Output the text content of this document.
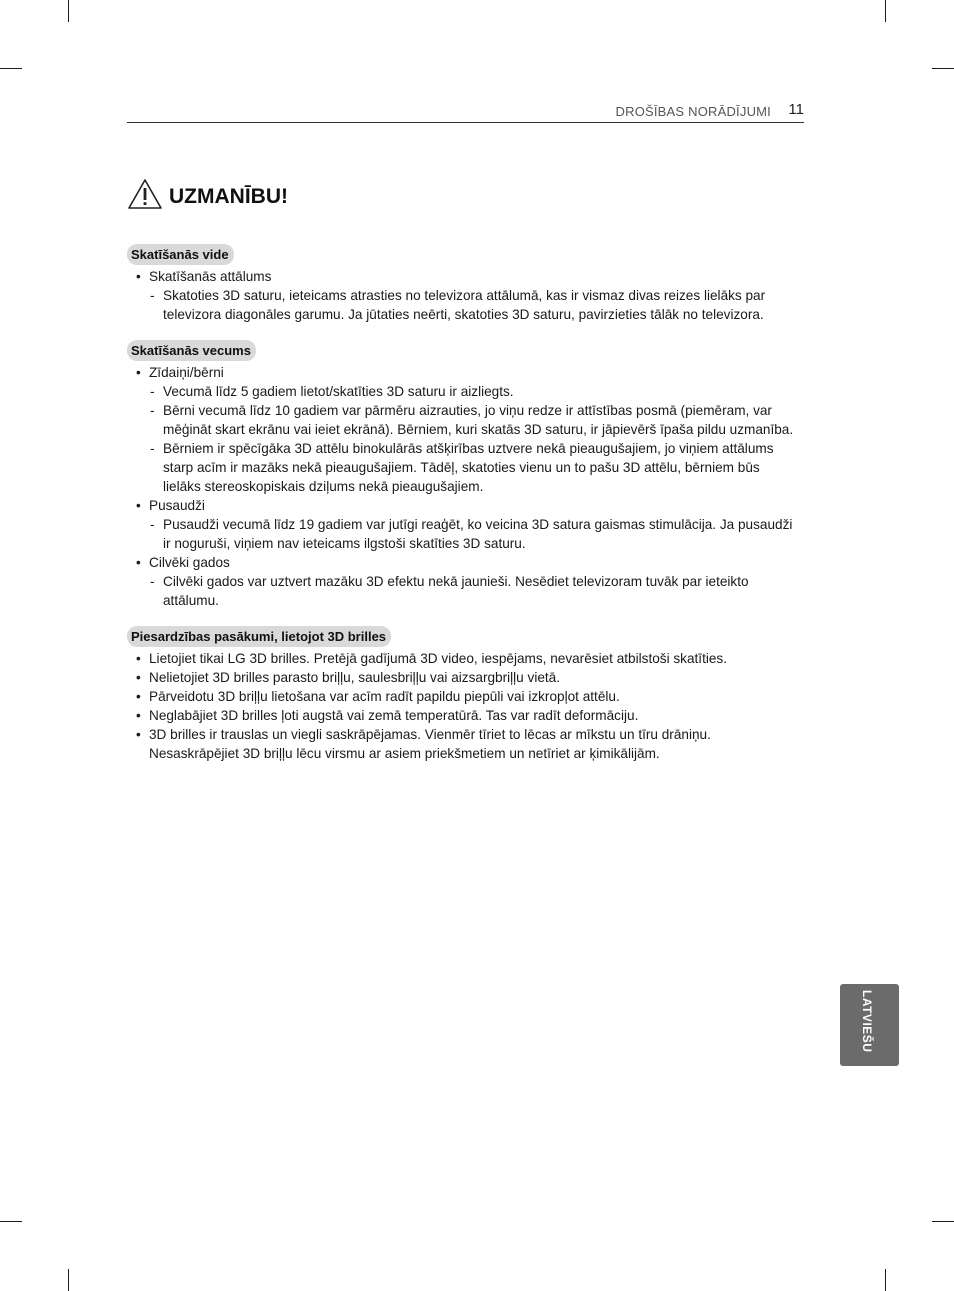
DROŠĪBAS NORĀDĪJUMI 11
UZMANĪBU!
Skatīšanās vide
• Skatīšanās attālums
- Skatoties 3D saturu, ieteicams atrasties no televizora attālumā, kas ir vismaz divas reizes lielāks par televizora diagonāles garumu. Ja jūtaties neērti, skatoties 3D saturu, pavirzieties tālāk no televizora.
Skatīšanās vecums
• Zīdaiņi/bērni
- Vecumā līdz 5 gadiem lietot/skatīties 3D saturu ir aizliegts.
- Bērni vecumā līdz 10 gadiem var pārmēru aizrauties, jo viņu redze ir attīstības posmā (piemēram, var mēģināt skart ekrānu vai ieiet ekrānā). Bērniem, kuri skatās 3D saturu, ir jāpievērš īpaša pildu uzmanība.
- Bērniem ir spēcīgāka 3D attēlu binokulārās atšķirības uztvere nekā pieaugušajiem, jo viņiem attālums starp acīm ir mazāks nekā pieaugušajiem. Tādēļ, skatoties vienu un to pašu 3D attēlu, bērniem būs lielāks stereoskopiskais dziļums nekā pieaugušajiem.
• Pusaudži
- Pusaudži vecumā līdz 19 gadiem var jutīgi reaģēt, ko veicina 3D satura gaismas stimulācija. Ja pusaudži ir noguruši, viņiem nav ieteicams ilgstoši skatīties 3D saturu.
• Cilvēki gados
- Cilvēki gados var uztvert mazāku 3D efektu nekā jaunieši. Nesēdiet televizoram tuvāk par ieteikto attālumu.
Piesardzības pasākumi, lietojot 3D brilles
• Lietojiet tikai LG 3D brilles. Pretējā gadījumā 3D video, iespējams, nevarēsiet atbilstoši skatīties.
• Nelietojiet 3D brilles parasto briļļu, saulesbriļļu vai aizsargbriļļu vietā.
• Pārveidotu 3D briļļu lietošana var acīm radīt papildu piepūli vai izkropļot attēlu.
• Neglabājiet 3D brilles ļoti augstā vai zemā temperatūrā. Tas var radīt deformāciju.
• 3D brilles ir trauslas un viegli saskrāpējamas. Vienmēr tīriet to lēcas ar mīkstu un tīru drāniņu. Nesaskrāpējiet 3D briļļu lēcu virsmu ar asiem priekšmetiem un netīriet ar ķimikālijām.
LATVIEŠU
